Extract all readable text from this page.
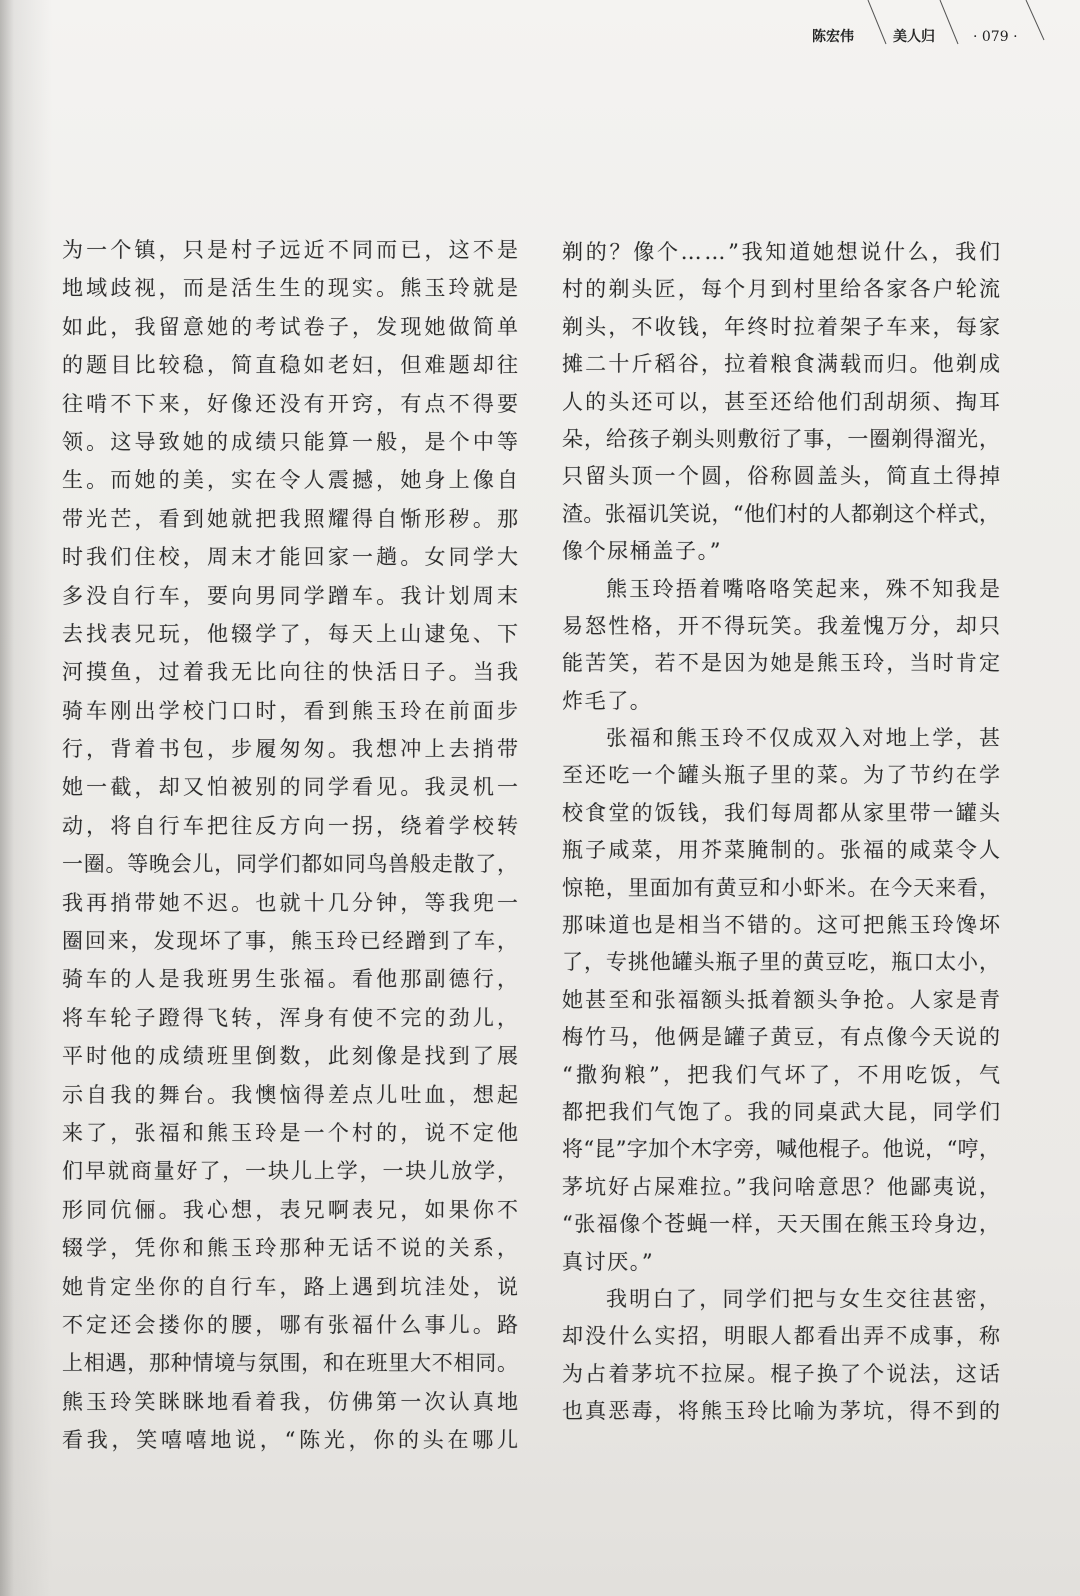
陈宏伟	美人归	· 079 ·
为一个镇，只是村子远近不同而已，这不是
地域歧视，而是活生生的现实。熊玉玲就是
如此，我留意她的考试卷子，发现她做简单
的题目比较稳，简直稳如老妇，但难题却往
往啃不下来，好像还没有开窍，有点不得要
领。这导致她的成绩只能算一般，是个中等
生。而她的美，实在令人震撼，她身上像自
带光芒，看到她就把我照耀得自惭形秽。那
时我们住校，周末才能回家一趟。女同学大
多没自行车，要向男同学蹭车。我计划周末
去找表兄玩，他辍学了，每天上山逮兔、下
河摸鱼，过着我无比向往的快活日子。当我
骑车刚出学校门口时，看到熊玉玲在前面步
行，背着书包，步履匆匆。我想冲上去捎带
她一截，却又怕被别的同学看见。我灵机一
动，将自行车把往反方向一拐，绕着学校转
一圈。等晚会儿，同学们都如同鸟兽般走散了，
我再捎带她不迟。也就十几分钟，等我兜一
圈回来，发现坏了事，熊玉玲已经蹭到了车，
骑车的人是我班男生张福。看他那副德行，
将车轮子蹬得飞转，浑身有使不完的劲儿，
平时他的成绩班里倒数，此刻像是找到了展
示自我的舞台。我懊恼得差点儿吐血，想起
来了，张福和熊玉玲是一个村的，说不定他
们早就商量好了，一块儿上学，一块儿放学，
形同伉俪。我心想，表兄啊表兄，如果你不
辍学，凭你和熊玉玲那种无话不说的关系，
她肯定坐你的自行车，路上遇到坑洼处，说
不定还会搂你的腰，哪有张福什么事儿。路
上相遇，那种情境与氛围，和在班里大不相同。
熊玉玲笑眯眯地看着我，仿佛第一次认真地
看我，笑嘻嘻地说，“陈光，你的头在哪儿
剃的？像个……”我知道她想说什么，我们
村的剃头匠，每个月到村里给各家各户轮流
剃头，不收钱，年终时拉着架子车来，每家
摊二十斤稻谷，拉着粮食满载而归。他剃成
人的头还可以，甚至还给他们刮胡须、掏耳
朵，给孩子剃头则敷衍了事，一圈剃得溜光，
只留头顶一个圆，俗称圆盖头，简直土得掉
渣。张福讥笑说，“他们村的人都剃这个样式，
像个尿桶盖子。”
熊玉玲捂着嘴咯咯笑起来，殊不知我是
易怒性格，开不得玩笑。我羞愧万分，却只
能苦笑，若不是因为她是熊玉玲，当时肯定
炸毛了。
张福和熊玉玲不仅成双入对地上学，甚
至还吃一个罐头瓶子里的菜。为了节约在学
校食堂的饭钱，我们每周都从家里带一罐头
瓶子咸菜，用芥菜腌制的。张福的咸菜令人
惊艳，里面加有黄豆和小虾米。在今天来看，
那味道也是相当不错的。这可把熊玉玲馋坏
了，专挑他罐头瓶子里的黄豆吃，瓶口太小，
她甚至和张福额头抵着额头争抢。人家是青
梅竹马，他俩是罐子黄豆，有点像今天说的
“撒狗粮”，把我们气坏了，不用吃饭，气
都把我们气饱了。我的同桌武大昆，同学们
将“昆”字加个木字旁，喊他棍子。他说，“哼，
茅坑好占屎难拉。”我问啥意思？他鄙夷说，
“张福像个苍蝇一样，天天围在熊玉玲身边，
真讨厌。”
我明白了，同学们把与女生交往甚密，
却没什么实招，明眼人都看出弄不成事，称
为占着茅坑不拉屎。棍子换了个说法，这话
也真恶毒，将熊玉玲比喻为茅坑，得不到的
